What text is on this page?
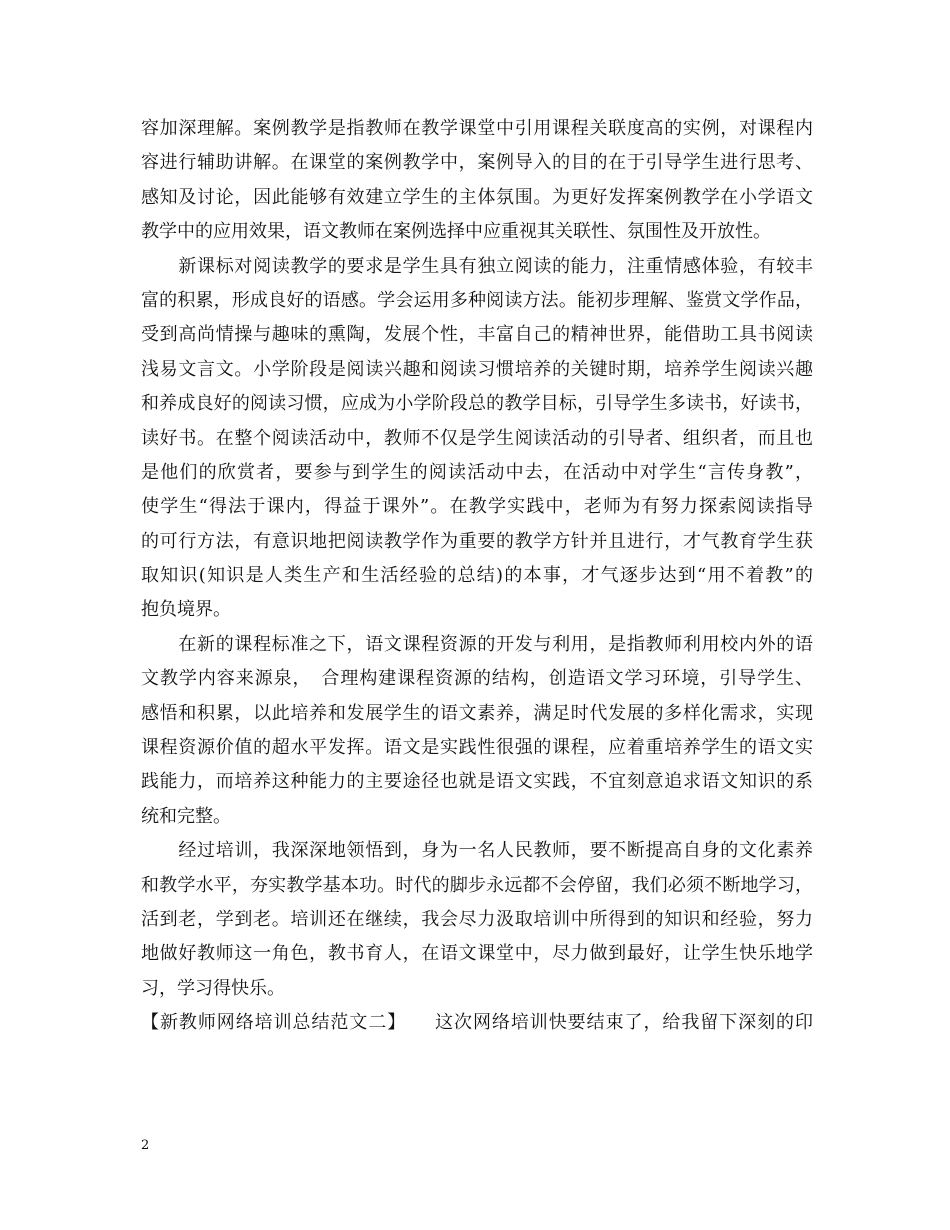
容加深理解。案例教学是指教师在教学课堂中引用课程关联度高的实例，对课程内
容进行辅助讲解。在课堂的案例教学中，案例导入的目的在于引导学生进行思考、
感知及讨论，因此能够有效建立学生的主体氛围。为更好发挥案例教学在小学语文
教学中的应用效果，语文教师在案例选择中应重视其关联性、氛围性及开放性。
　　新课标对阅读教学的要求是学生具有独立阅读的能力，注重情感体验，有较丰
富的积累，形成良好的语感。学会运用多种阅读方法。能初步理解、鉴赏文学作品，
受到高尚情操与趣味的熏陶，发展个性，丰富自己的精神世界，能借助工具书阅读
浅易文言文。小学阶段是阅读兴趣和阅读习惯培养的关键时期，培养学生阅读兴趣
和养成良好的阅读习惯，应成为小学阶段总的教学目标，引导学生多读书，好读书，
读好书。在整个阅读活动中，教师不仅是学生阅读活动的引导者、组织者，而且也
是他们的欣赏者，要参与到学生的阅读活动中去，在活动中对学生“言传身教”，
使学生“得法于课内，得益于课外”。在教学实践中，老师为有努力探索阅读指导
的可行方法，有意识地把阅读教学作为重要的教学方针并且进行，才气教育学生获
取知识(知识是人类生产和生活经验的总结)的本事，才气逐步达到“用不着教”的
抱负境界。
　　在新的课程标准之下，语文课程资源的开发与利用，是指教师利用校内外的语
文教学内容来源泉，　合理构建课程资源的结构，创造语文学习环境，引导学生、
感悟和积累，以此培养和发展学生的语文素养，满足时代发展的多样化需求，实现
课程资源价值的超水平发挥。语文是实践性很强的课程，应着重培养学生的语文实
践能力，而培养这种能力的主要途径也就是语文实践，不宜刻意追求语文知识的系
统和完整。
　　经过培训，我深深地领悟到，身为一名人民教师，要不断提高自身的文化素养
和教学水平，夯实教学基本功。时代的脚步永远都不会停留，我们必须不断地学习，
活到老，学到老。培训还在继续，我会尽力汲取培训中所得到的知识和经验，努力
地做好教师这一角色，教书育人，在语文课堂中，尽力做到最好，让学生快乐地学
习，学习得快乐。
【新教师网络培训总结范文二】　　这次网络培训快要结束了，给我留下深刻的印
2
